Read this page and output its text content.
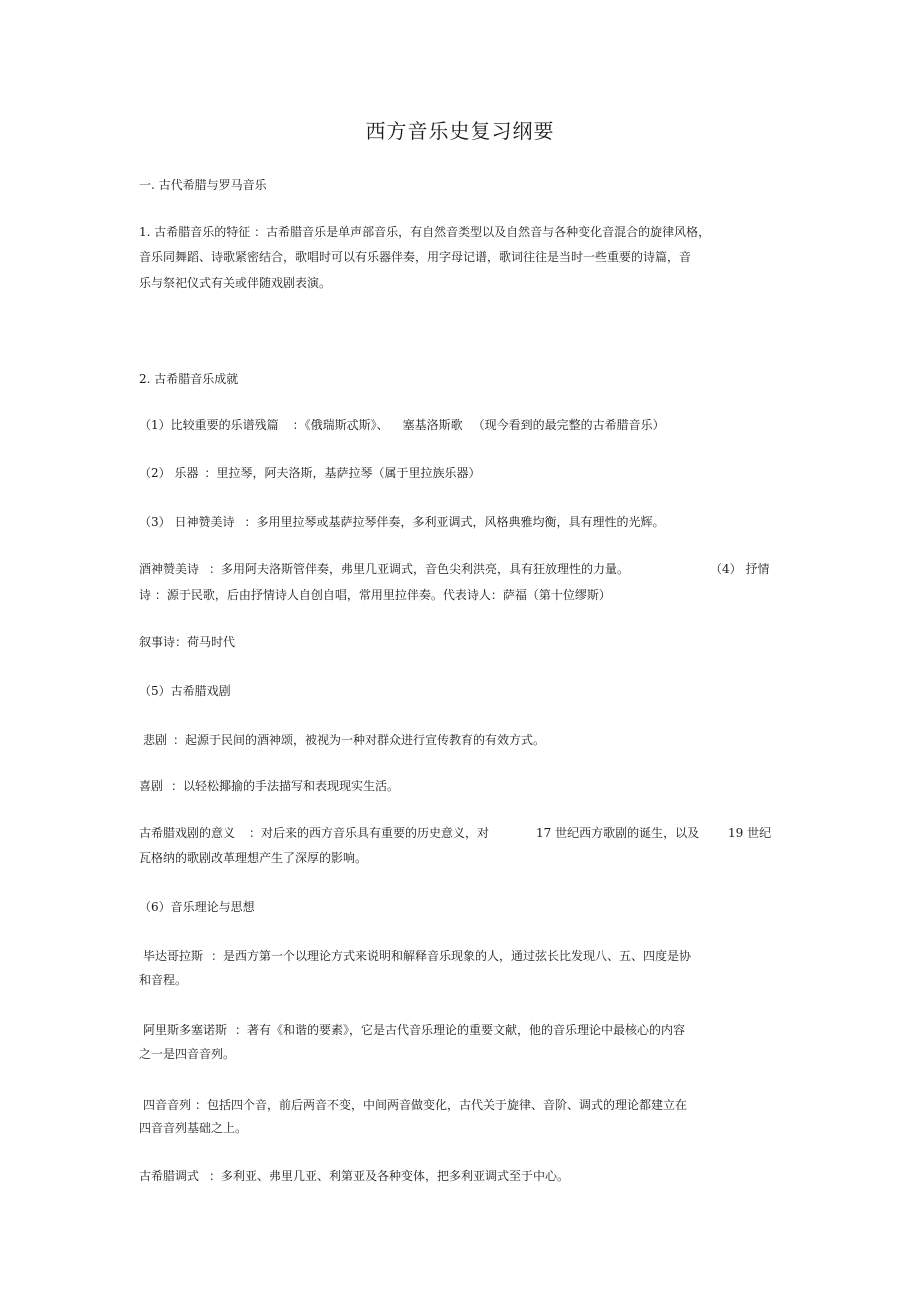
西方音乐史复习纲要
一. 古代希腊与罗马音乐
1. 古希腊音乐的特征 ：古希腊音乐是单声部音乐，有自然音类型以及自然音与各种变化音混合的旋律风格，
音乐同舞蹈、诗歌紧密结合，歌唱时可以有乐器伴奏，用字母记谱，歌词往往是当时一些重要的诗篇，音
乐与祭祀仪式有关或伴随戏剧表演。
2. 古希腊音乐成就
（1）比较重要的乐谱残篇 ：《俄瑞斯忒斯》、 塞基洛斯歌 （现今看到的最完整的古希腊音乐）
（2） 乐器 ：里拉琴，阿夫洛斯，基萨拉琴（属于里拉族乐器）
（3） 日神赞美诗 ：多用里拉琴或基萨拉琴伴奏，多利亚调式，风格典雅均衡，具有理性的光辉。
酒神赞美诗 ：多用阿夫洛斯管伴奏，弗里几亚调式，音色尖利洪亮，具有狂放理性的力量。	（4） 抒情
诗 ：源于民歌，后由抒情诗人自创自唱，常用里拉伴奏。代表诗人：萨福（第十位缪斯）
叙事诗：荷马时代
（5）古希腊戏剧
悲剧 ：起源于民间的酒神颂，被视为一种对群众进行宣传教育的有效方式。
喜剧 ：以轻松揶揄的手法描写和表现现实生活。
古希腊戏剧的意义 ：对后来的西方音乐具有重要的历史意义，对	17 世纪西方歌剧的诞生，以及 19 世纪
瓦格纳的歌剧改革理想产生了深厚的影响。
（6）音乐理论与思想
毕达哥拉斯 ：是西方第一个以理论方式来说明和解释音乐现象的人，通过弦长比发现八、五、四度是协
和音程。
阿里斯多塞诺斯 ：著有《和谐的要素》，它是古代音乐理论的重要文献，他的音乐理论中最核心的内容
之一是四音音列。
四音音列 ：包括四个音，前后两音不变，中间两音做变化，古代关于旋律、音阶、调式的理论都建立在
四音音列基础之上。
古希腊调式 ：多利亚、弗里几亚、利第亚及各种变体，把多利亚调式至于中心。
